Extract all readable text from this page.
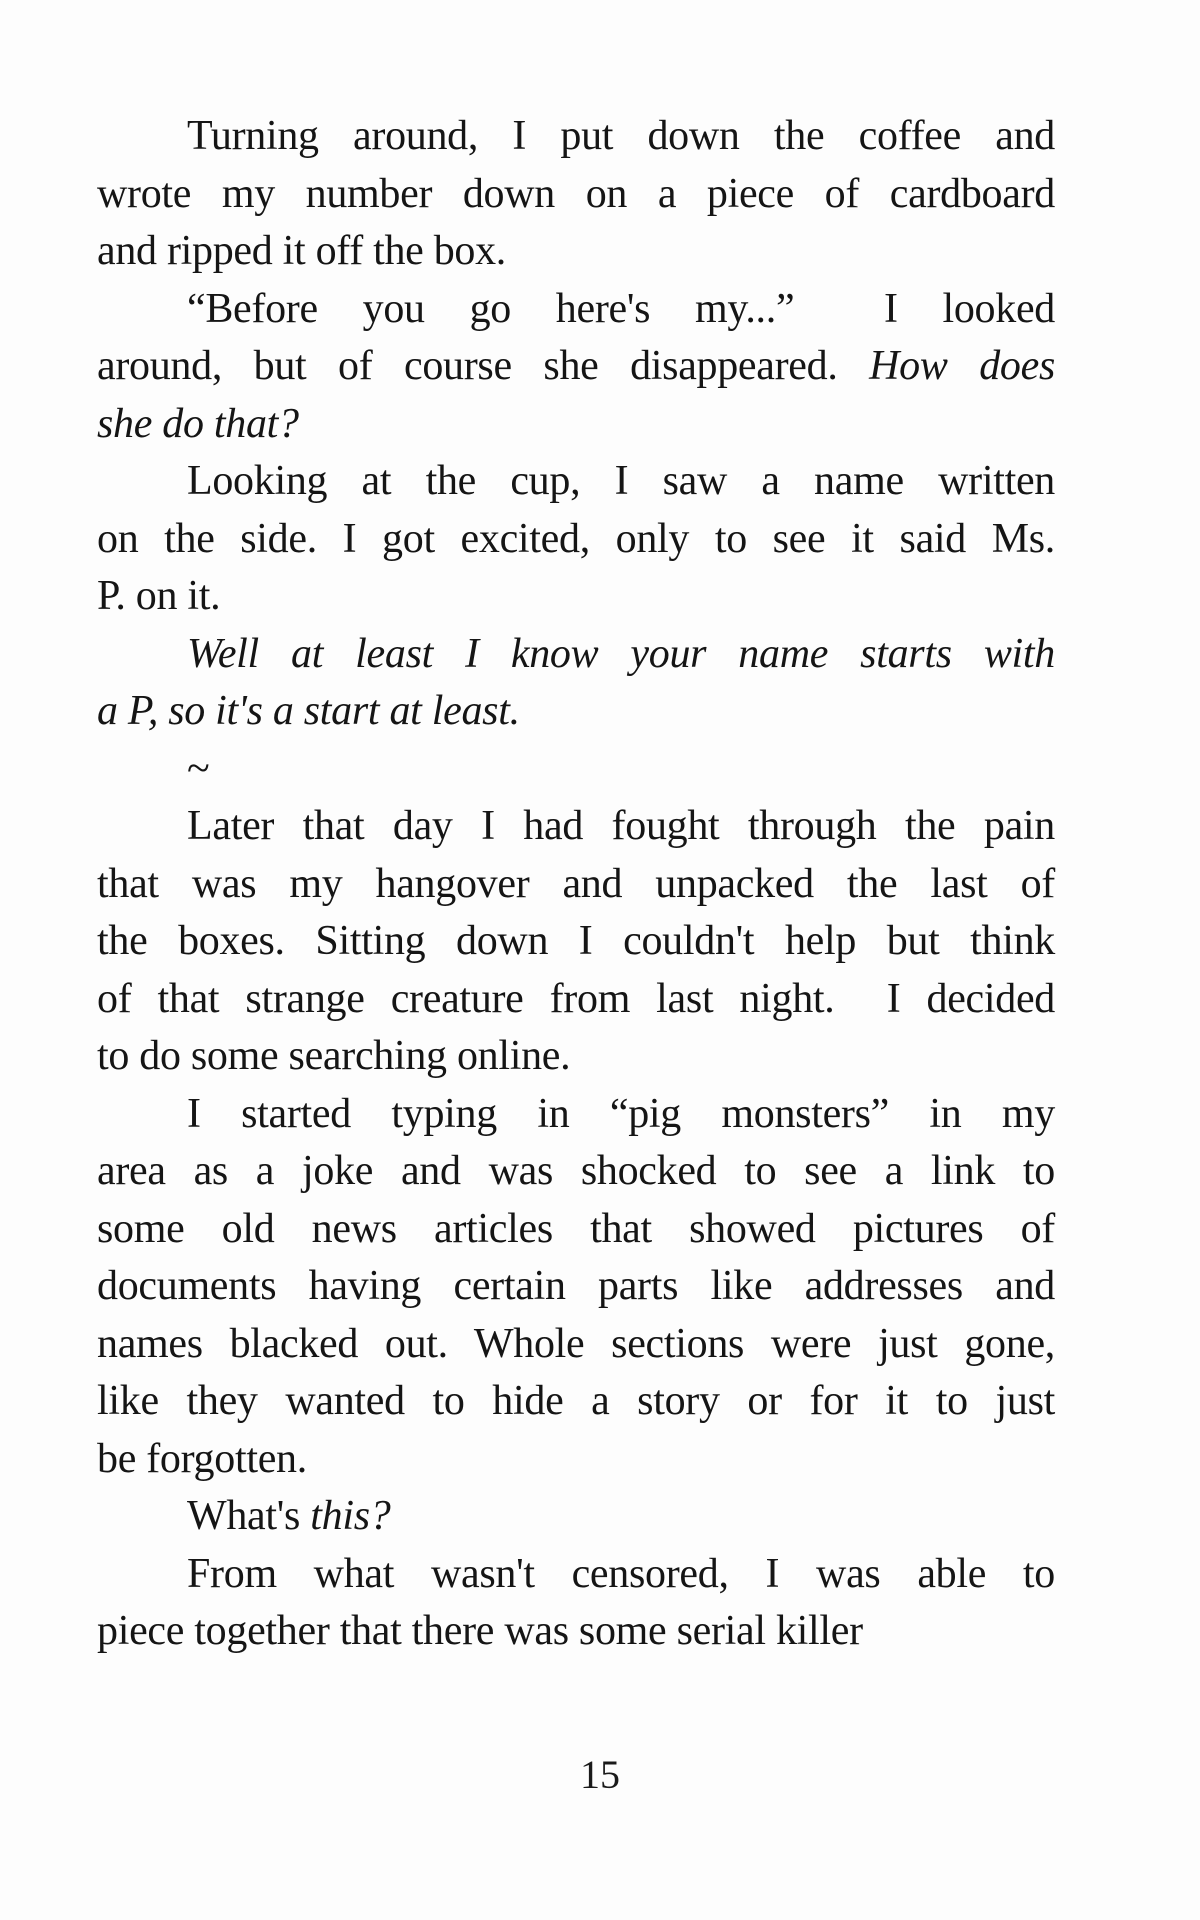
Turning around, I put down the coffee and
wrote my number down on a piece of cardboard
and ripped it off the box.
“Before you go here's my...”  I looked
around, but of course she disappeared. How does
she do that?
Looking at the cup, I saw a name written
on the side. I got excited, only to see it said Ms.
P. on it.
Well at least I know your name starts with
a P, so it's a start at least.
~
Later that day I had fought through the pain
that was my hangover and unpacked the last of
the boxes. Sitting down I couldn't help but think
of that strange creature from last night.  I decided
to do some searching online.
I started typing in “pig monsters” in my
area as a joke and was shocked to see a link to
some old news articles that showed pictures of
documents having certain parts like addresses and
names blacked out. Whole sections were just gone,
like they wanted to hide a story or for it to just
be forgotten.
What's this?
From what wasn't censored, I was able to
piece together that there was some serial killer
15
